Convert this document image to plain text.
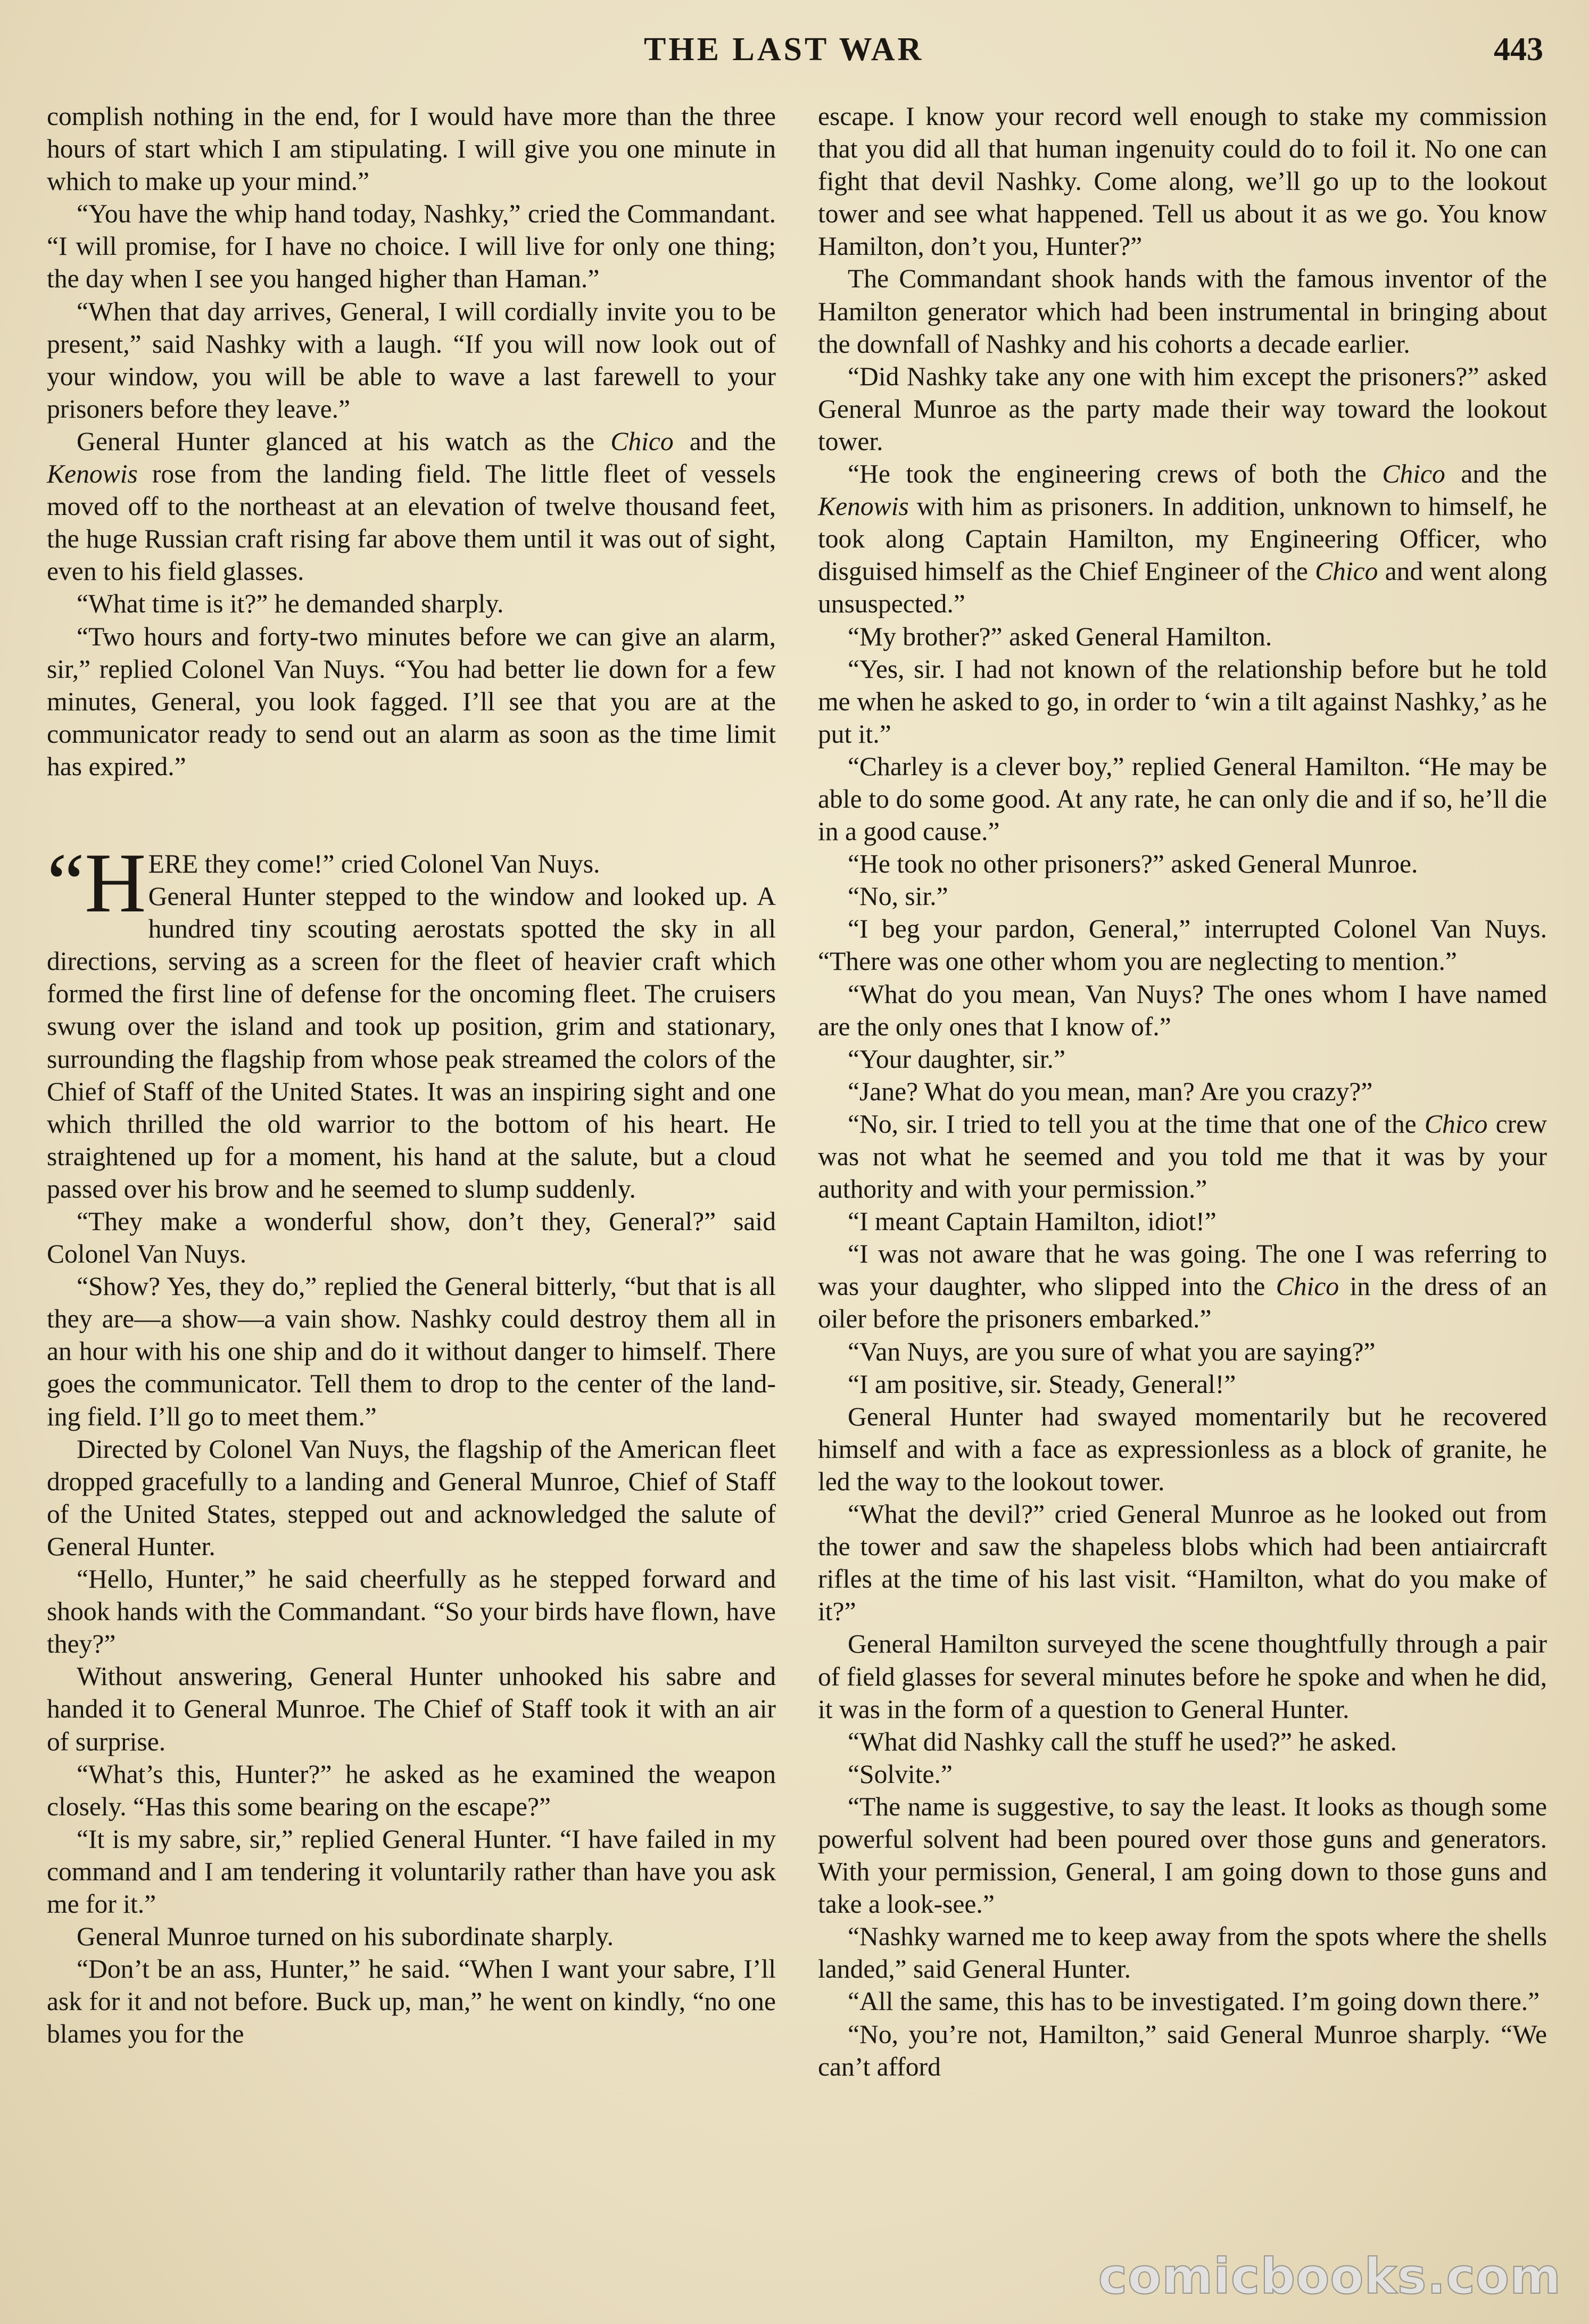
THE LAST WAR	443

complish nothing in the end, for I would have more than the three hours of start which I am stipulating. I will give you one minute in which to make up your mind.”

“You have the whip hand today, Nashky,” cried the Commandant. “I will promise, for I have no choice. I will live for only one thing; the day when I see you hanged higher than Haman.”

“When that day arrives, General, I will cordially invite you to be present,” said Nashky with a laugh. “If you will now look out of your window, you will be able to wave a last farewell to your prisoners before they leave.”

General Hunter glanced at his watch as the Chico and the Kenowis rose from the landing field. The little fleet of vessels moved off to the northeast at an elevation of twelve thousand feet, the huge Russian craft rising far above them until it was out of sight, even to his field glasses.

“What time is it?” he demanded sharply.

“Two hours and forty-two minutes before we can give an alarm, sir,” replied Colonel Van Nuys. “You had better lie down for a few minutes, General, you look fagged. I’ll see that you are at the communicator ready to send out an alarm as soon as the time limit has expired.”

“H ERE they come!” cried Colonel Van Nuys.
General Hunter stepped to the window and looked up. A hundred tiny scouting aerostats spotted the sky in all directions, serving as a screen for the fleet of heavier craft which formed the first line of defense for the oncoming fleet. The cruisers swung over the island and took up position, grim and stationary, surrounding the flagship from whose peak streamed the colors of the Chief of Staff of the United States. It was an inspiring sight and one which thrilled the old warrior to the bottom of his heart. He straightened up for a moment, his hand at the salute, but a cloud passed over his brow and he seemed to slump suddenly.

“They make a wonderful show, don’t they, General?” said Colonel Van Nuys.

“Show? Yes, they do,” replied the General bitterly, “but that is all they are—a show—a vain show. Nashky could destroy them all in an hour with his one ship and do it without danger to himself. There goes the communicator. Tell them to drop to the center of the landing field. I’ll go to meet them.”

Directed by Colonel Van Nuys, the flagship of the American fleet dropped gracefully to a landing and General Munroe, Chief of Staff of the United States, stepped out and acknowledged the salute of General Hunter.

“Hello, Hunter,” he said cheerfully as he stepped forward and shook hands with the Commandant. “So your birds have flown, have they?”

Without answering, General Hunter unhooked his sabre and handed it to General Munroe. The Chief of Staff took it with an air of surprise.

“What’s this, Hunter?” he asked as he examined the weapon closely. “Has this some bearing on the escape?”

“It is my sabre, sir,” replied General Hunter. “I have failed in my command and I am tendering it voluntarily rather than have you ask me for it.”

General Munroe turned on his subordinate sharply.

“Don’t be an ass, Hunter,” he said. “When I want your sabre, I’ll ask for it and not before. Buck up, man,” he went on kindly, “no one blames you for the

escape. I know your record well enough to stake my commission that you did all that human ingenuity could do to foil it. No one can fight that devil Nashky. Come along, we’ll go up to the lookout tower and see what happened. Tell us about it as we go. You know Hamilton, don’t you, Hunter?”

The Commandant shook hands with the famous inventor of the Hamilton generator which had been instrumental in bringing about the downfall of Nashky and his cohorts a decade earlier.

“Did Nashky take any one with him except the prisoners?” asked General Munroe as the party made their way toward the lookout tower.

“He took the engineering crews of both the Chico and the Kenowis with him as prisoners. In addition, unknown to himself, he took along Captain Hamilton, my Engineering Officer, who disguised himself as the Chief Engineer of the Chico and went along unsuspected.”

“My brother?” asked General Hamilton.

“Yes, sir. I had not known of the relationship before but he told me when he asked to go, in order to ‘win a tilt against Nashky,’ as he put it.”

“Charley is a clever boy,” replied General Hamilton. “He may be able to do some good. At any rate, he can only die and if so, he’ll die in a good cause.”

“He took no other prisoners?” asked General Munroe.

“No, sir.”

“I beg your pardon, General,” interrupted Colonel Van Nuys. “There was one other whom you are neglecting to mention.”

“What do you mean, Van Nuys? The ones whom I have named are the only ones that I know of.”

“Your daughter, sir.”

“Jane? What do you mean, man? Are you crazy?”

“No, sir. I tried to tell you at the time that one of the Chico crew was not what he seemed and you told me that it was by your authority and with your permission.”

“I meant Captain Hamilton, idiot!”

“I was not aware that he was going. The one I was referring to was your daughter, who slipped into the Chico in the dress of an oiler before the prisoners embarked.”

“Van Nuys, are you sure of what you are saying?”

“I am positive, sir. Steady, General!”

General Hunter had swayed momentarily but he recovered himself and with a face as expressionless as a block of granite, he led the way to the lookout tower.

“What the devil?” cried General Munroe as he looked out from the tower and saw the shapeless blobs which had been antiaircraft rifles at the time of his last visit. “Hamilton, what do you make of it?”

General Hamilton surveyed the scene thoughtfully through a pair of field glasses for several minutes before he spoke and when he did, it was in the form of a question to General Hunter.

“What did Nashky call the stuff he used?” he asked.

“Solvite.”

“The name is suggestive, to say the least. It looks as though some powerful solvent had been poured over those guns and generators. With your permission, General, I am going down to those guns and take a look-see.”

“Nashky warned me to keep away from the spots where the shells landed,” said General Hunter.

“All the same, this has to be investigated. I’m going down there.”

“No, you’re not, Hamilton,” said General Munroe sharply. “We can’t afford

comicbooks.com
